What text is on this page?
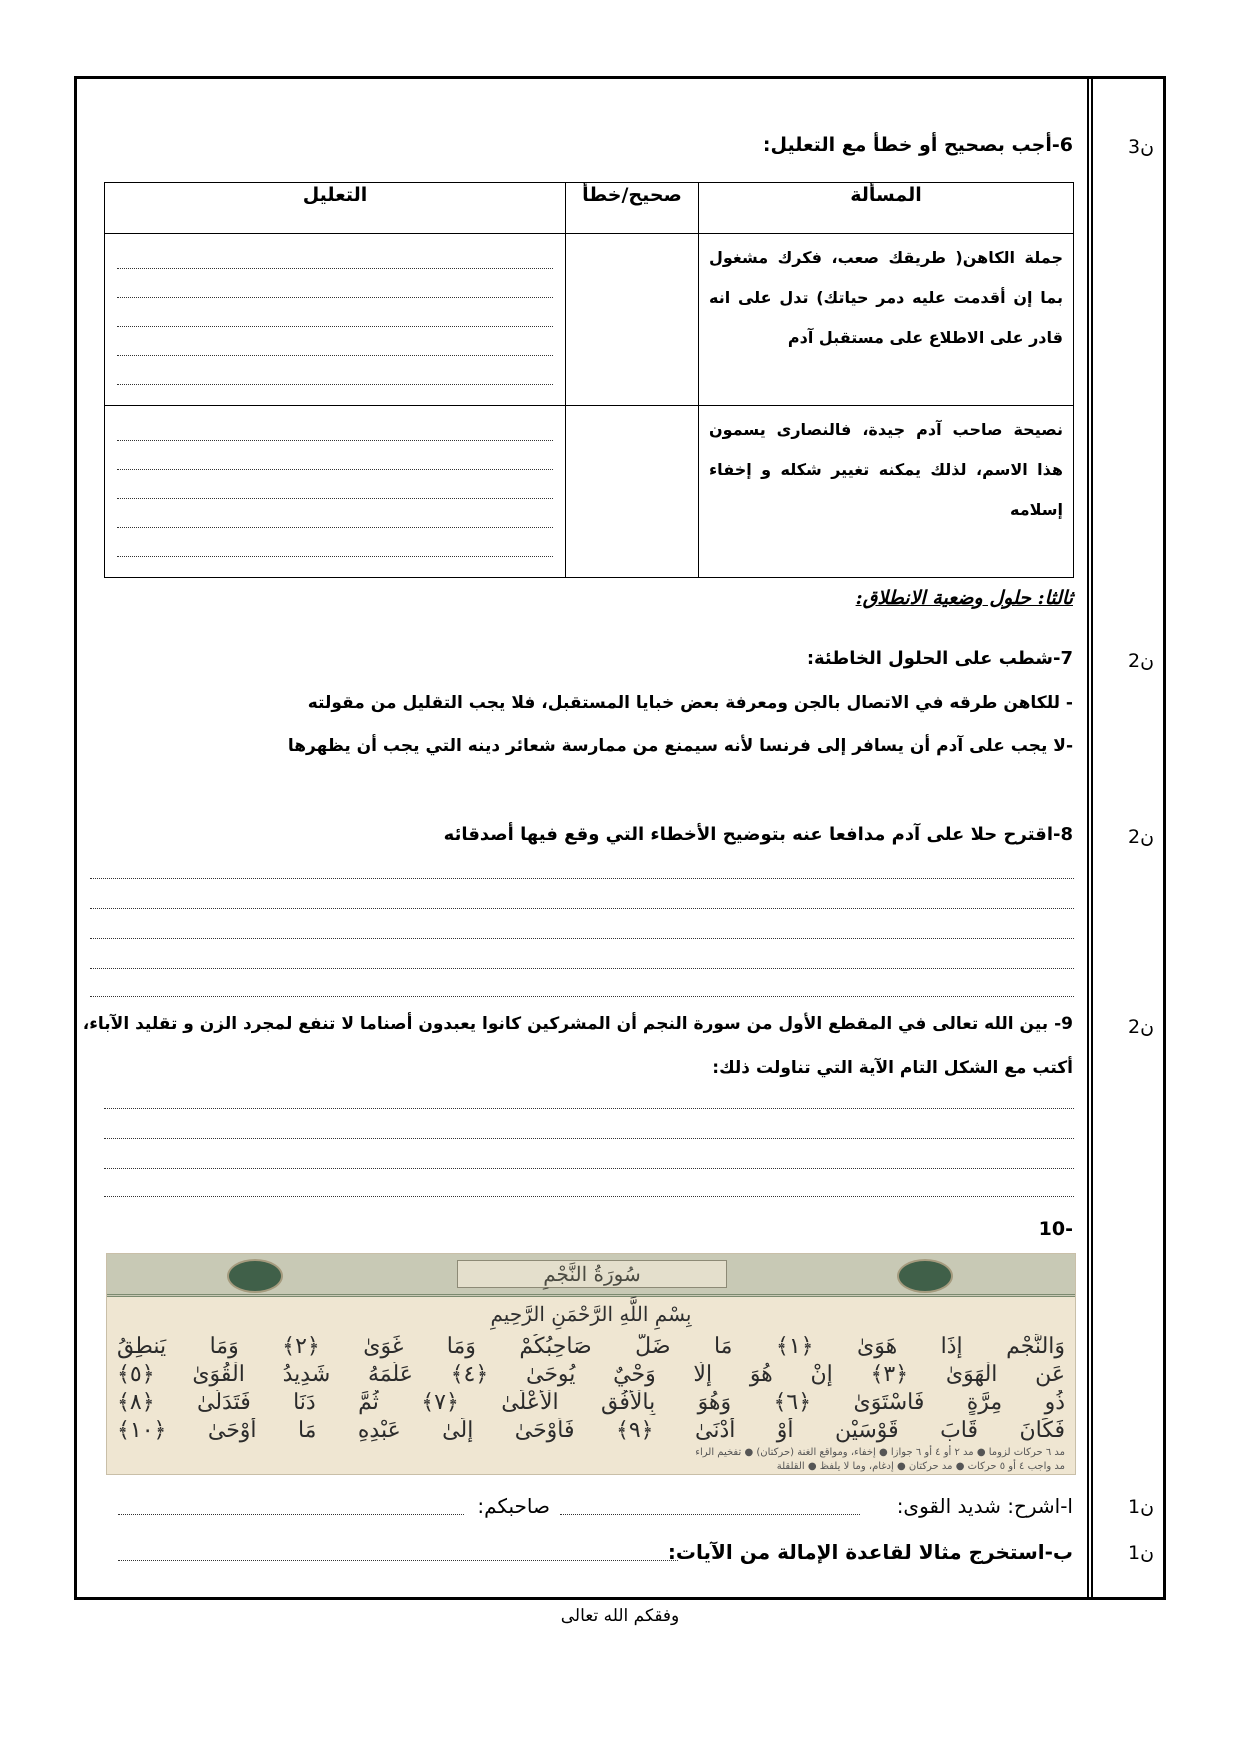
3ن
6-أجب بصحيح أو خطأ مع التعليل:
المسألة	صحيح/خطأ	التعليل
جملة الكاهن( طريقك صعب، فكرك مشغول بما إن أقدمت عليه دمر حياتك) تدل على انه قادر على الاطلاع على مستقبل آدم		

نصيحة صاحب آدم جيدة، فالنصارى يسمون هذا الاسم، لذلك يمكنه تغيير شكله و إخفاء إسلامه		
ثالثا: حلول وضعية الانطلاق:
2ن
7-شطب على الحلول الخاطئة:
- للكاهن طرقه في الاتصال بالجن ومعرفة بعض خبايا المستقبل، فلا يجب التقليل من مقولته
-لا يجب على آدم أن يسافر إلى فرنسا لأنه سيمنع من ممارسة شعائر دينه التي يجب أن يظهرها
2ن
8-اقترح حلا على آدم مدافعا عنه بتوضيح الأخطاء التي وقع فيها أصدقائه
2ن
9- بين الله تعالى في المقطع الأول من سورة النجم أن المشركين كانوا يعبدون أصناما لا تنفع لمجرد الزن و تقليد الآباء،
أكتب مع الشكل التام الآية التي تناولت ذلك:
-10
سُورَةُ النَّجْمِ
بِسْمِ اللَّهِ الرَّحْمَنِ الرَّحِيمِ
وَالنَّجْمِ إِذَا هَوَىٰ ﴿١﴾ مَا ضَلَّ صَاحِبُكُمْ وَمَا غَوَىٰ ﴿٢﴾ وَمَا يَنطِقُ
عَنِ الْهَوَىٰ ﴿٣﴾ إِنْ هُوَ إِلَّا وَحْيٌ يُوحَىٰ ﴿٤﴾ عَلَّمَهُ شَدِيدُ الْقُوَىٰ ﴿٥﴾
ذُو مِرَّةٍ فَاسْتَوَىٰ ﴿٦﴾ وَهُوَ بِالْأُفُقِ الْأَعْلَىٰ ﴿٧﴾ ثُمَّ دَنَا فَتَدَلَّىٰ ﴿٨﴾
فَكَانَ قَابَ قَوْسَيْنِ أَوْ أَدْنَىٰ ﴿٩﴾ فَأَوْحَىٰ إِلَىٰ عَبْدِهِ مَا أَوْحَىٰ ﴿١٠﴾
مد ٦ حركات لزوما ● مد ٢ أو ٤ أو ٦ جوازا ● إخفاء، ومواقع الغنة (حركتان) ● تفخيم الراء
مد واجب ٤ أو ٥ حركات ● مد حركتان ● إدغام، وما لا يلفظ ● القلقلة
1ن
ا-اشرح: شديد القوى:
صاحبكم:
1ن
ب-استخرج مثالا لقاعدة الإمالة من الآيات:
وفقكم الله تعالى
